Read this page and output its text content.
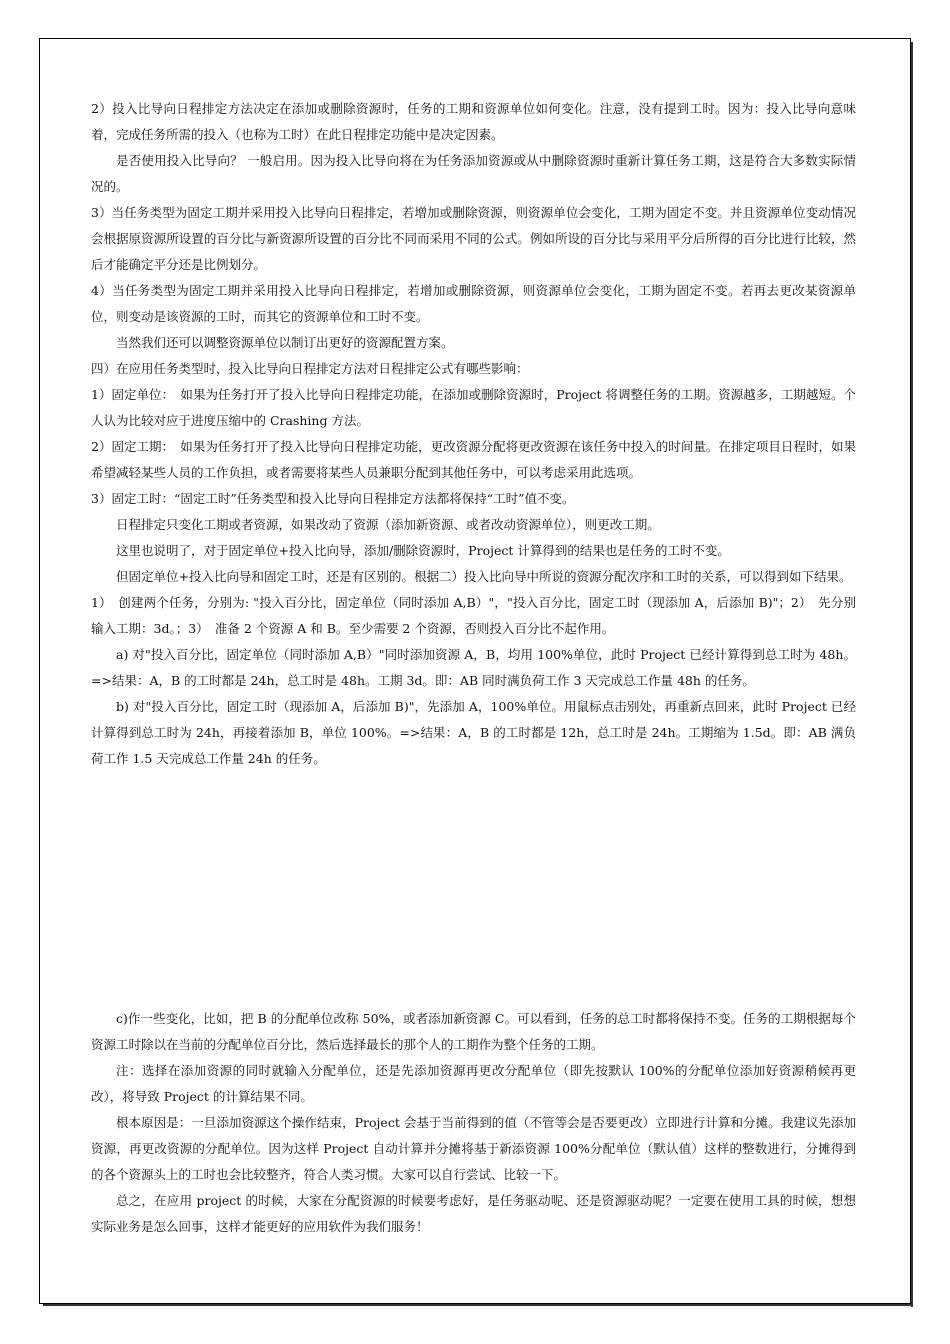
2）投入比导向日程排定方法决定在添加或删除资源时，任务的工期和资源单位如何变化。注意，没有提到工时。因为：投入比导向意味着，完成任务所需的投入（也称为工时）在此日程排定功能中是决定因素。

是否使用投入比导向？ 一般启用。因为投入比导向将在为任务添加资源或从中删除资源时重新计算任务工期，这是符合大多数实际情况的。

3）当任务类型为固定工期并采用投入比导向日程排定，若增加或删除资源，则资源单位会变化，工期为固定不变。并且资源单位变动情况会根据原资源所设置的百分比与新资源所设置的百分比不同而采用不同的公式。例如所设的百分比与采用平分后所得的百分比进行比较，然后才能确定平分还是比例划分。

4）当任务类型为固定工期并采用投入比导向日程排定，若增加或删除资源，则资源单位会变化，工期为固定不变。若再去更改某资源单位，则变动是该资源的工时，而其它的资源单位和工时不变。

当然我们还可以调整资源单位以制订出更好的资源配置方案。

四）在应用任务类型时，投入比导向日程排定方法对日程排定公式有哪些影响：

1）固定单位：　如果为任务打开了投入比导向日程排定功能，在添加或删除资源时，Project 将调整任务的工期。资源越多，工期越短。个人认为比较对应于进度压缩中的 Crashing 方法。

2）固定工期：　如果为任务打开了投入比导向日程排定功能，更改资源分配将更改资源在该任务中投入的时间量。在排定项目日程时，如果希望减轻某些人员的工作负担，或者需要将某些人员兼职分配到其他任务中，可以考虑采用此选项。

3）固定工时：“固定工时”任务类型和投入比导向日程排定方法都将保持“工时”值不变。

日程排定只变化工期或者资源，如果改动了资源（添加新资源、或者改动资源单位），则更改工期。

这里也说明了，对于固定单位+投入比向导，添加/删除资源时，Project 计算得到的结果也是任务的工时不变。

但固定单位+投入比向导和固定工时，还是有区别的。根据二）投入比向导中所说的资源分配次序和工时的关系，可以得到如下结果。

1）　创建两个任务，分别为: "投入百分比，固定单位（同时添加 A,B）"，"投入百分比，固定工时（现添加 A，后添加 B)"；2）　先分别输入工期：3d。；3）　准备 2 个资源 A 和 B。至少需要 2 个资源，否则投入百分比不起作用。

a) 对"投入百分比，固定单位（同时添加 A,B）"同时添加资源 A，B，均用 100%单位，此时 Project 已经计算得到总工时为 48h。=>结果：A，B 的工时都是 24h，总工时是 48h。工期 3d。即：AB 同时满负荷工作 3 天完成总工作量 48h 的任务。

b) 对"投入百分比，固定工时（现添加 A，后添加 B)"，先添加 A，100%单位。用鼠标点击别处，再重新点回来，此时 Project 已经计算得到总工时为 24h，再接着添加 B，单位 100%。=>结果：A，B 的工时都是 12h，总工时是 24h。工期缩为 1.5d。即：AB 满负荷工作 1.5 天完成总工作量 24h 的任务。

c)作一些变化，比如，把 B 的分配单位改称 50%，或者添加新资源 C。可以看到，任务的总工时都将保持不变。任务的工期根据每个资源工时除以在当前的分配单位百分比，然后选择最长的那个人的工期作为整个任务的工期。

注：选择在添加资源的同时就输入分配单位，还是先添加资源再更改分配单位（即先按默认 100%的分配单位添加好资源稍候再更改），将导致 Project 的计算结果不同。

根本原因是：一旦添加资源这个操作结束，Project 会基于当前得到的值（不管等会是否要更改）立即进行计算和分摊。我建议先添加资源，再更改资源的分配单位。因为这样 Project 自动计算并分摊将基于新添资源 100%分配单位（默认值）这样的整数进行，分摊得到的各个资源头上的工时也会比较整齐，符合人类习惯。大家可以自行尝试、比较一下。

总之，在应用 project 的时候，大家在分配资源的时候要考虑好，是任务驱动呢、还是资源驱动呢？一定要在使用工具的时候，想想实际业务是怎么回事，这样才能更好的应用软件为我们服务！
